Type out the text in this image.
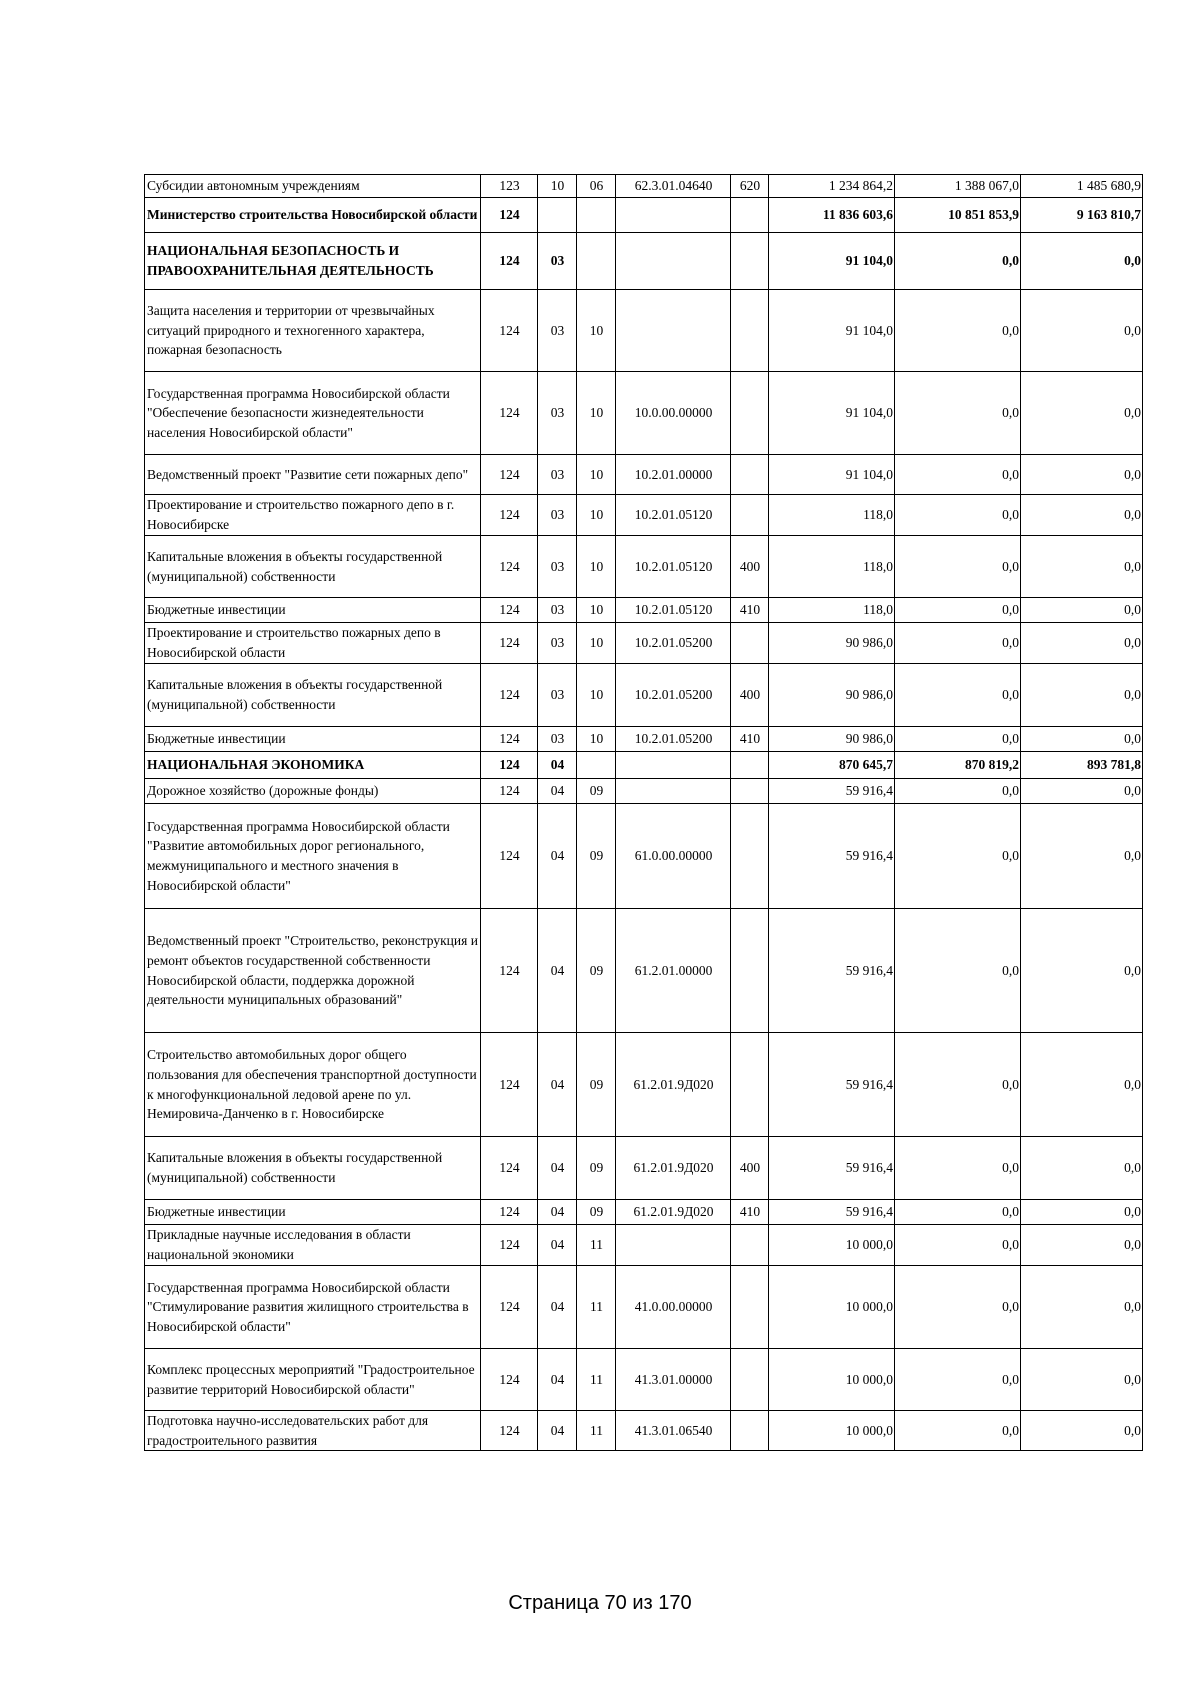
Субсидии автономным учреждениям	123	10	06	62.3.01.04640	620	1 234 864,2	1 388 067,0	1 485 680,9
Министерство строительства Новосибирской области	124					11 836 603,6	10 851 853,9	9 163 810,7
НАЦИОНАЛЬНАЯ БЕЗОПАСНОСТЬ И ПРАВООХРАНИТЕЛЬНАЯ ДЕЯТЕЛЬНОСТЬ	124	03				91 104,0	0,0	0,0
Защита населения и территории от чрезвычайных ситуаций природного и техногенного характера, пожарная безопасность	124	03	10			91 104,0	0,0	0,0
Государственная программа Новосибирской области "Обеспечение безопасности жизнедеятельности населения Новосибирской области"	124	03	10	10.0.00.00000		91 104,0	0,0	0,0
Ведомственный проект "Развитие сети пожарных депо"	124	03	10	10.2.01.00000		91 104,0	0,0	0,0
Проектирование и строительство пожарного депо в г. Новосибирске	124	03	10	10.2.01.05120		118,0	0,0	0,0
Капитальные вложения в объекты государственной (муниципальной) собственности	124	03	10	10.2.01.05120	400	118,0	0,0	0,0
Бюджетные инвестиции	124	03	10	10.2.01.05120	410	118,0	0,0	0,0
Проектирование и строительство пожарных депо в Новосибирской области	124	03	10	10.2.01.05200		90 986,0	0,0	0,0
Капитальные вложения в объекты государственной (муниципальной) собственности	124	03	10	10.2.01.05200	400	90 986,0	0,0	0,0
Бюджетные инвестиции	124	03	10	10.2.01.05200	410	90 986,0	0,0	0,0
НАЦИОНАЛЬНАЯ ЭКОНОМИКА	124	04				870 645,7	870 819,2	893 781,8
Дорожное хозяйство (дорожные фонды)	124	04	09			59 916,4	0,0	0,0
Государственная программа Новосибирской области "Развитие автомобильных дорог регионального, межмуниципального и местного значения в Новосибирской области"	124	04	09	61.0.00.00000		59 916,4	0,0	0,0
Ведомственный проект "Строительство, реконструкция и ремонт объектов государственной собственности Новосибирской области, поддержка дорожной деятельности муниципальных образований"	124	04	09	61.2.01.00000		59 916,4	0,0	0,0
Строительство автомобильных дорог общего пользования для обеспечения транспортной доступности к многофункциональной ледовой арене по ул. Немировича-Данченко в г. Новосибирске	124	04	09	61.2.01.9Д020		59 916,4	0,0	0,0
Капитальные вложения в объекты государственной (муниципальной) собственности	124	04	09	61.2.01.9Д020	400	59 916,4	0,0	0,0
Бюджетные инвестиции	124	04	09	61.2.01.9Д020	410	59 916,4	0,0	0,0
Прикладные научные исследования в области национальной экономики	124	04	11			10 000,0	0,0	0,0
Государственная программа Новосибирской области "Стимулирование развития жилищного строительства в Новосибирской области"	124	04	11	41.0.00.00000		10 000,0	0,0	0,0
Комплекс процессных мероприятий "Градостроительное развитие территорий Новосибирской области"	124	04	11	41.3.01.00000		10 000,0	0,0	0,0
Подготовка научно-исследовательских работ для градостроительного развития	124	04	11	41.3.01.06540		10 000,0	0,0	0,0
Страница 70 из 170
